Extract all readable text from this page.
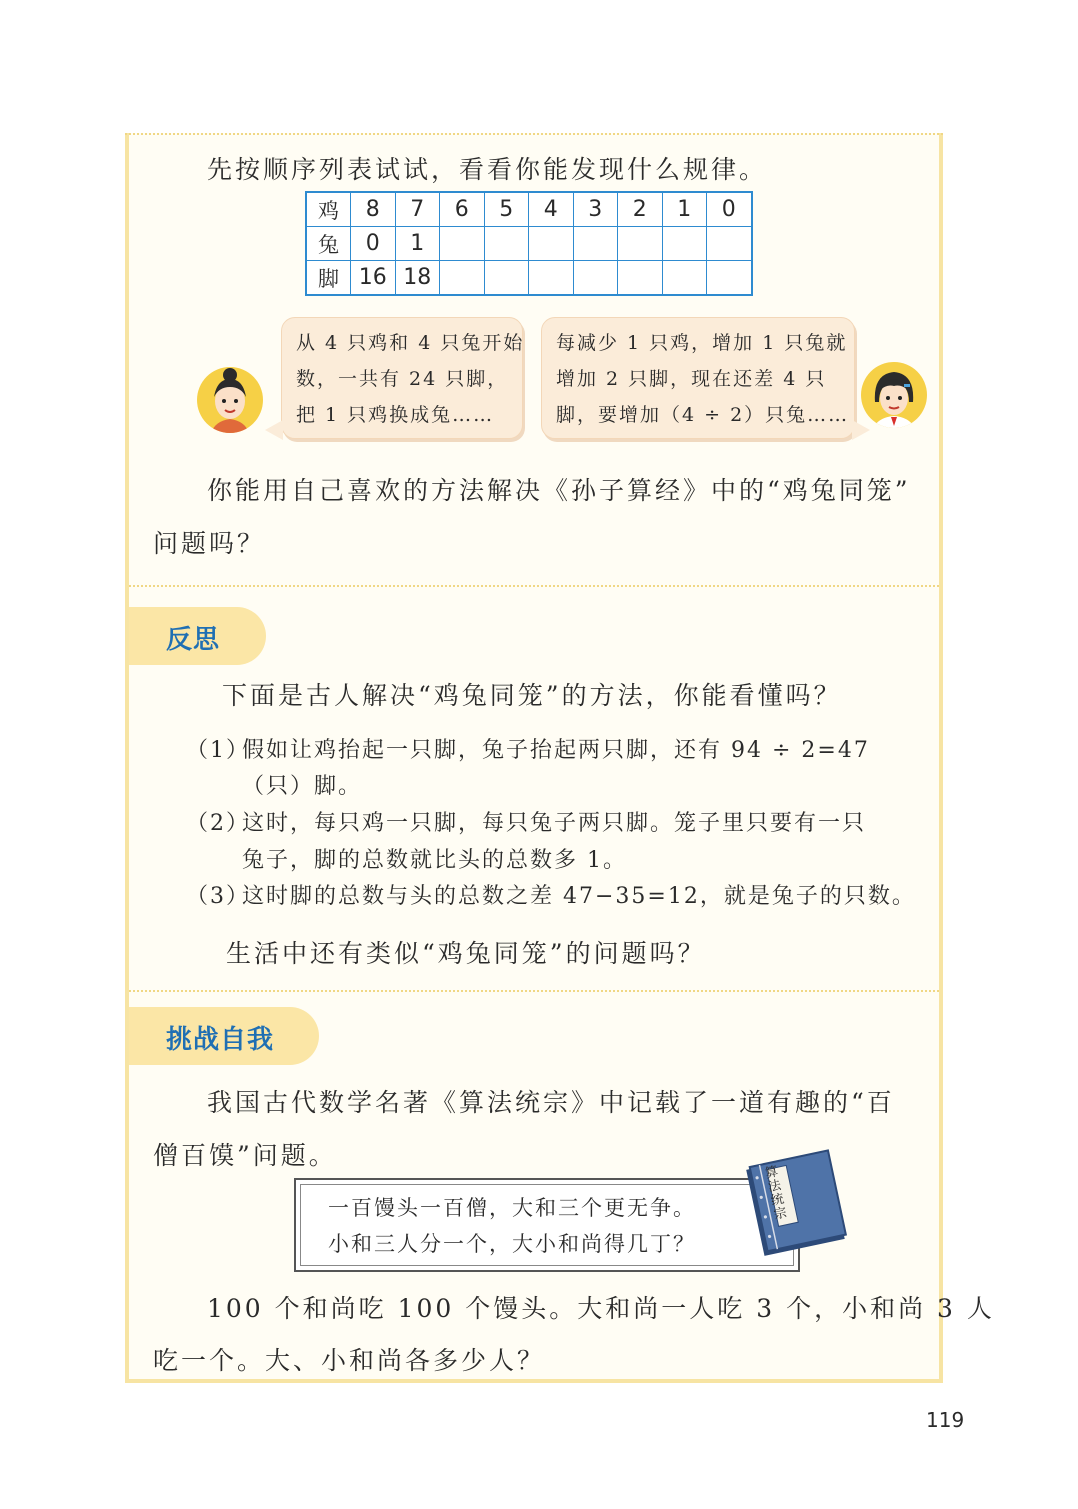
先按顺序列表试试，看看你能发现什么规律。
鸡	8	7	6	5	4	3	2	1	0
兔	0	1							
脚	16	18							
从 4 只鸡和 4 只兔开始
数，一共有 24 只脚，
把 1 只鸡换成兔……
每减少 1 只鸡，增加 1 只兔就
增加 2 只脚，现在还差 4 只
脚，要增加（4 ÷ 2）只兔……
你能用自己喜欢的方法解决《孙子算经》中的“鸡兔同笼”
问题吗？
反思
下面是古人解决“鸡兔同笼”的方法，你能看懂吗？
（1）
假如让鸡抬起一只脚，兔子抬起两只脚，还有 94 ÷ 2=47
（只）脚。
（2）
这时，每只鸡一只脚，每只兔子两只脚。笼子里只要有一只
兔子，脚的总数就比头的总数多 1。
（3）
这时脚的总数与头的总数之差 47−35=12，就是兔子的只数。
生活中还有类似“鸡兔同笼”的问题吗？
挑战自我
我国古代数学名著《算法统宗》中记载了一道有趣的“百
僧百馍”问题。
一百馒头一百僧，大和三个更无争。
小和三人分一个，大小和尚得几丁？
算法统宗
100 个和尚吃 100 个馒头。大和尚一人吃 3 个，小和尚 3 人
吃一个。大、小和尚各多少人？
119
